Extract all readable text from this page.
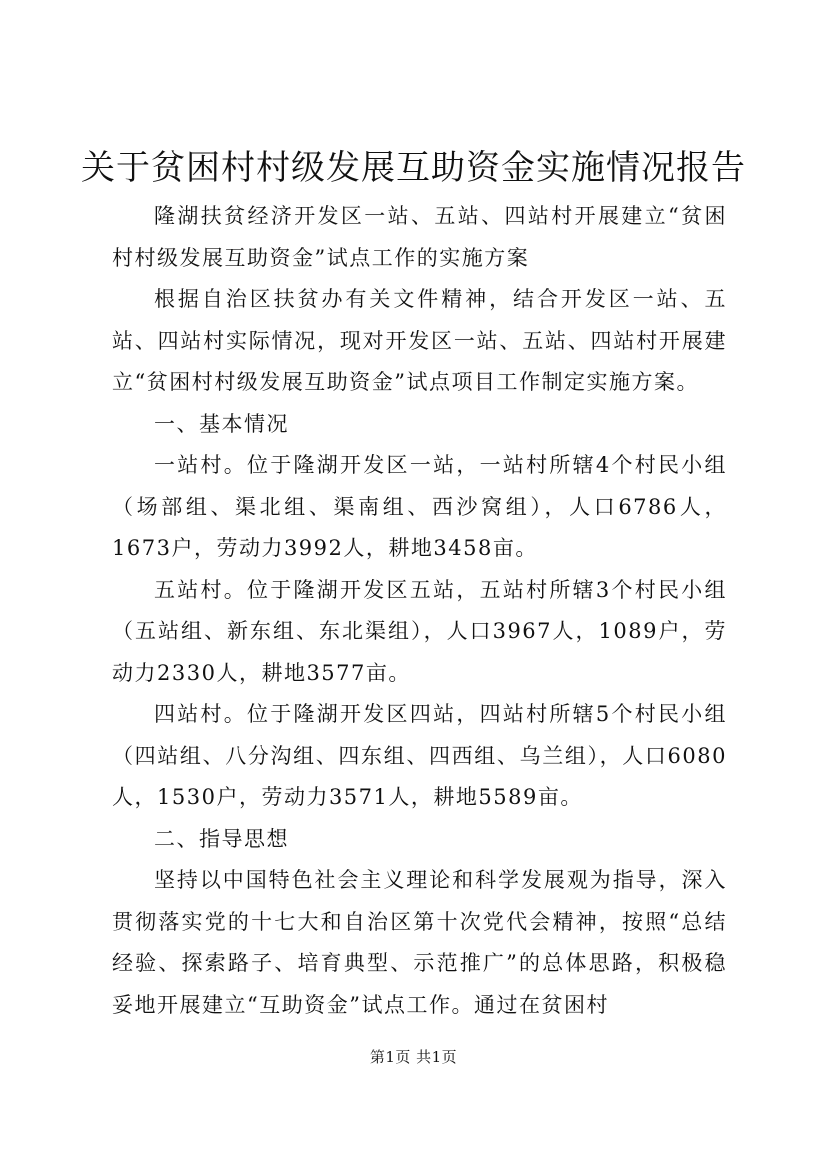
关于贫困村村级发展互助资金实施情况报告

隆湖扶贫经济开发区一站、五站、四站村开展建立“贫困村村级发展互助资金”试点工作的实施方案

根据自治区扶贫办有关文件精神，结合开发区一站、五站、四站村实际情况，现对开发区一站、五站、四站村开展建立“贫困村村级发展互助资金”试点项目工作制定实施方案。

一、基本情况

一站村。位于隆湖开发区一站，一站村所辖4个村民小组（场部组、渠北组、渠南组、西沙窝组），人口6786人，1673户，劳动力3992人，耕地3458亩。

五站村。位于隆湖开发区五站，五站村所辖3个村民小组（五站组、新东组、东北渠组），人口3967人，1089户，劳动力2330人，耕地3577亩。

四站村。位于隆湖开发区四站，四站村所辖5个村民小组（四站组、八分沟组、四东组、四西组、乌兰组），人口6080人，1530户，劳动力3571人，耕地5589亩。

二、指导思想

坚持以中国特色社会主义理论和科学发展观为指导，深入贯彻落实党的十七大和自治区第十次党代会精神，按照“总结经验、探索路子、培育典型、示范推广”的总体思路，积极稳妥地开展建立“互助资金”试点工作。通过在贫困村

第1页 共1页
